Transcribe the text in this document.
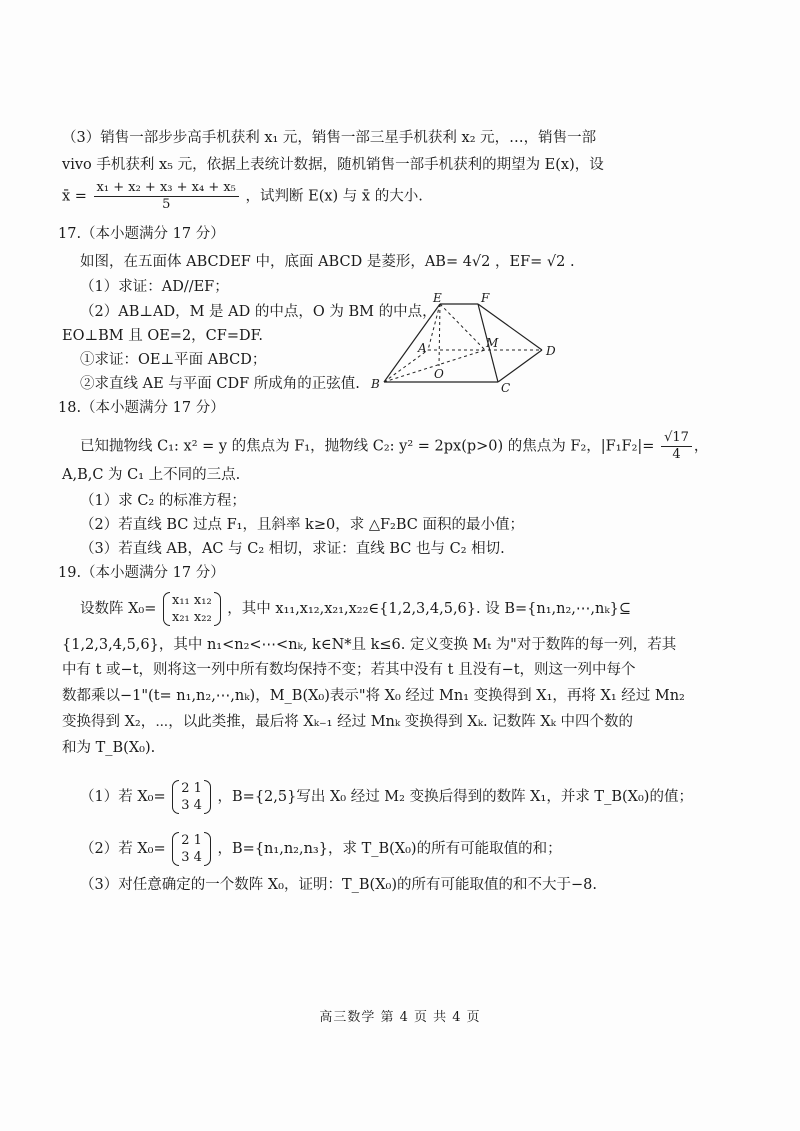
（3）销售一部步步高手机获利 x₁ 元，销售一部三星手机获利 x₂ 元，…，销售一部
vivo 手机获利 x₅ 元，依据上表统计数据，随机销售一部手机获利的期望为 E(x)，设
x̄ = $\frac{\text{x₁ + x₂ + x₃ + x₄ + x₅}}{5}$ ，试判断 E(x) 与 x̄ 的大小.
17.（本小题满分 17 分）
如图，在五面体 ABCDEF 中，底面 ABCD 是菱形，AB= 4√2 ，EF= √2 .
（1）求证：AD//EF；
（2）AB⊥AD，M 是 AD 的中点，O 为 BM 的中点，
EO⊥BM 且 OE=2，CF=DF.
①求证：OE⊥平面 ABCD；
②求直线 AE 与平面 CDF 所成角的正弦值.
E	F
A	M
D
O
B	C
18.（本小题满分 17 分）
已知抛物线 C₁: x² = y 的焦点为 F₁，抛物线 C₂: y² = 2px(p>0) 的焦点为 F₂，$|F_1F_2|= \frac{√17}{4}$ ，
A,B,C 为 C₁ 上不同的三点.
（1）求 C₂ 的标准方程；
（2）若直线 BC 过点 F₁，且斜率 k≥0，求 △F₂BC 面积的最小值；
（3）若直线 AB，AC 与 C₂ 相切，求证：直线 BC 也与 C₂ 相切.
19.（本小题满分 17 分）
设数阵 X₀=
x₁₁ x₁₂
x₂₁ x₂₂
，其中 x₁₁,x₁₂,x₂₁,x₂₂∈{1,2,3,4,5,6}. 设 B={n₁,n₂,⋯,nₖ}⊆
{1,2,3,4,5,6}，其中 n₁<n₂<⋯<nₖ, k∈N*且 k≤6. 定义变换 Mₜ 为"对于数阵的每一列，若其
中有 t 或−t，则将这一列中所有数均保持不变；若其中没有 t 且没有−t，则这一列中每个
数都乘以−1"(t= n₁,n₂,⋯,nₖ)，M_B(X₀)表示"将 X₀ 经过 Mn₁ 变换得到 X₁，再将 X₁ 经过 Mn₂
变换得到 X₂，⋯，以此类推，最后将 Xₖ₋₁ 经过 Mnₖ 变换得到 Xₖ. 记数阵 Xₖ 中四个数的
和为 T_B(X₀).
（1）若 X₀=
2 1
3 4
，B={2,5}写出 X₀ 经过 M₂ 变换后得到的数阵 X₁，并求 T_B(X₀)的值；
（2）若 X₀=
2 1
3 4
，B={n₁,n₂,n₃}，求 T_B(X₀)的所有可能取值的和；
（3）对任意确定的一个数阵 X₀，证明：T_B(X₀)的所有可能取值的和不大于−8.
高三数学 第 4 页 共 4 页
